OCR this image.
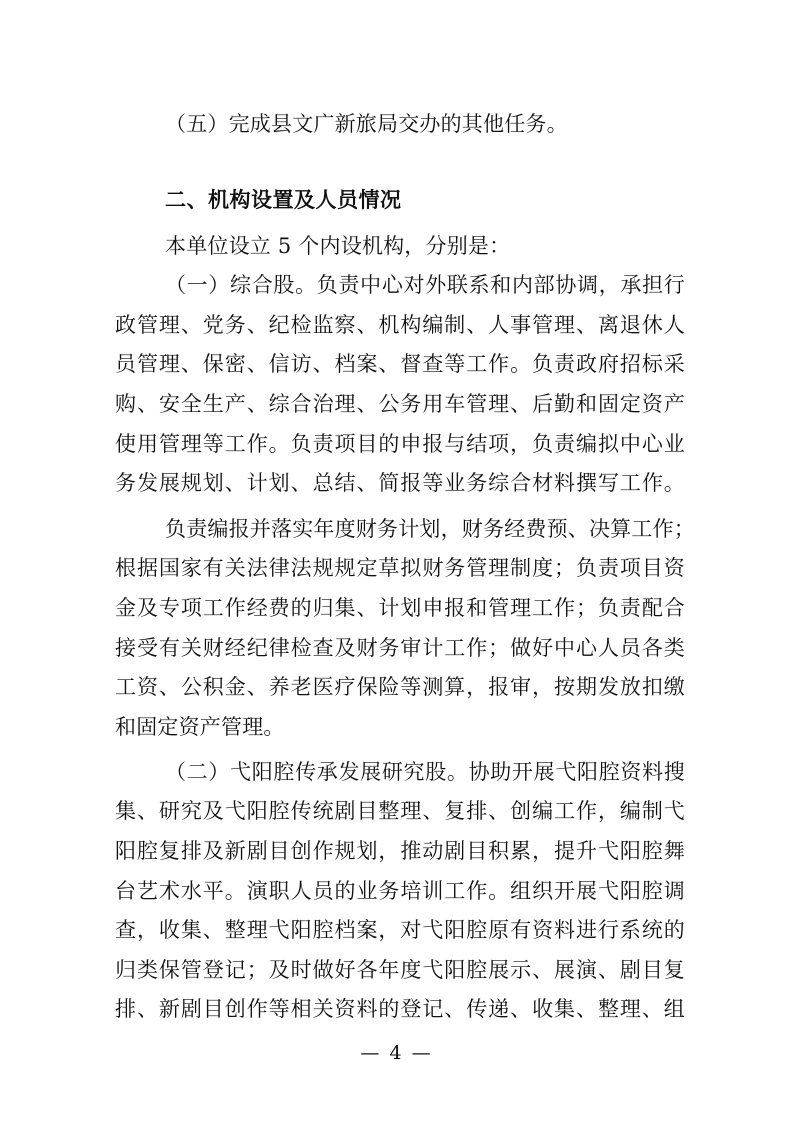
（五）完成县文广新旅局交办的其他任务。
二、机构设置及人员情况
本单位设立 5 个内设机构，分别是：
（一）综合股。负责中心对外联系和内部协调，承担行
政管理、党务、纪检监察、机构编制、人事管理、离退休人
员管理、保密、信访、档案、督查等工作。负责政府招标采
购、安全生产、综合治理、公务用车管理、后勤和固定资产
使用管理等工作。负责项目的申报与结项，负责编拟中心业
务发展规划、计划、总结、简报等业务综合材料撰写工作。
负责编报并落实年度财务计划，财务经费预、决算工作；
根据国家有关法律法规规定草拟财务管理制度；负责项目资
金及专项工作经费的归集、计划申报和管理工作；负责配合
接受有关财经纪律检查及财务审计工作；做好中心人员各类
工资、公积金、养老医疗保险等测算，报审，按期发放扣缴
和固定资产管理。
（二）弋阳腔传承发展研究股。协助开展弋阳腔资料搜
集、研究及弋阳腔传统剧目整理、复排、创编工作，编制弋
阳腔复排及新剧目创作规划，推动剧目积累，提升弋阳腔舞
台艺术水平。演职人员的业务培训工作。组织开展弋阳腔调
查，收集、整理弋阳腔档案，对弋阳腔原有资料进行系统的
归类保管登记；及时做好各年度弋阳腔展示、展演、剧目复
排、新剧目创作等相关资料的登记、传递、收集、整理、组
— 4 —
